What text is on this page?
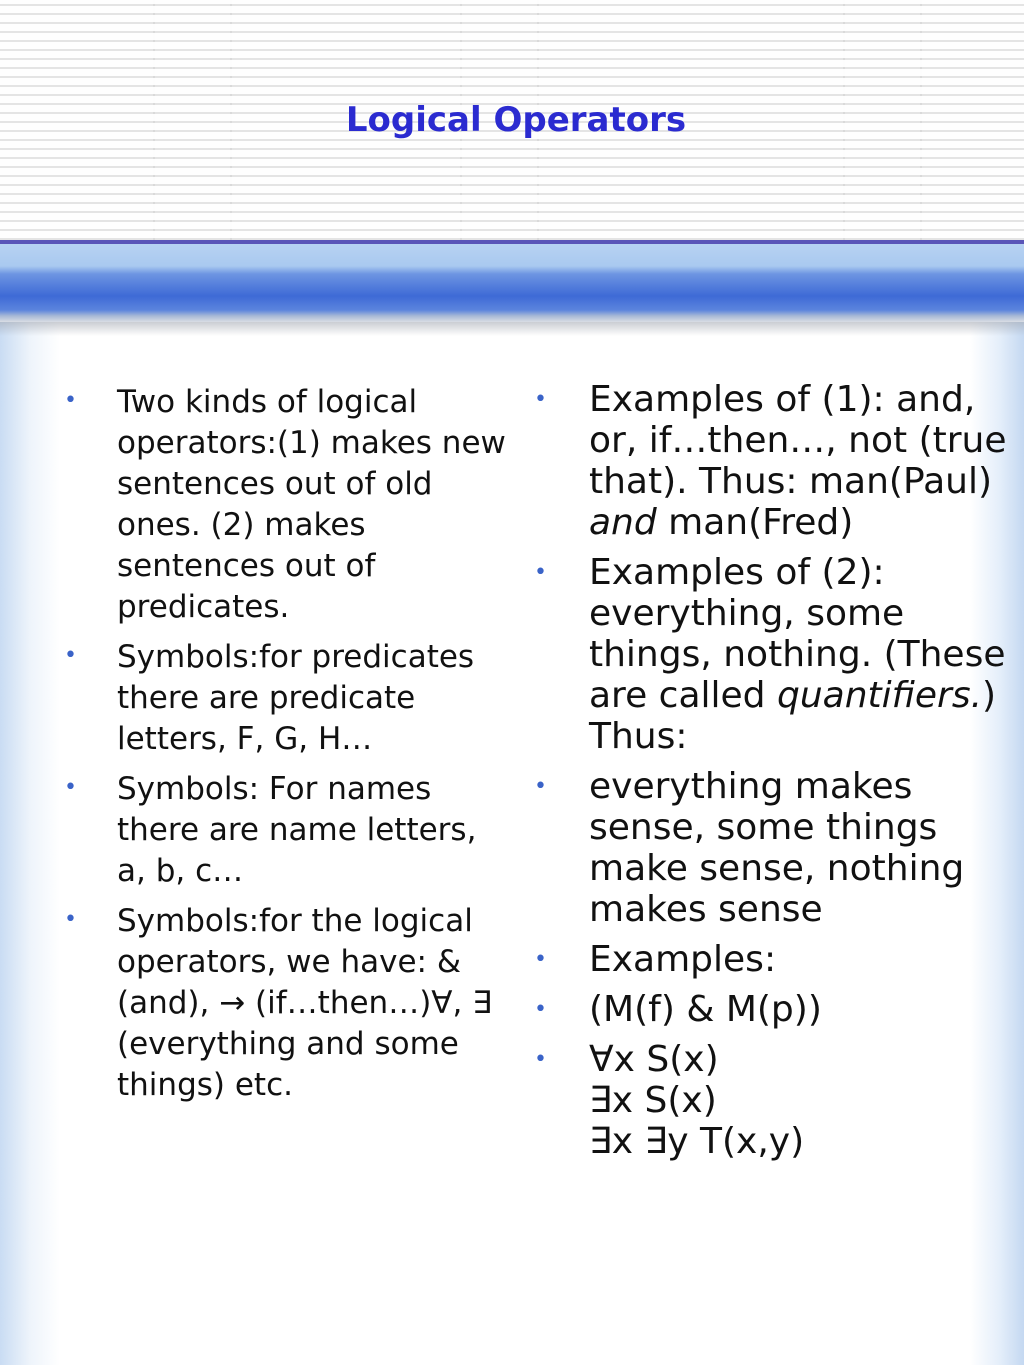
Logical Operators
• Two kinds of logical operators:(1) makes new sentences out of old ones. (2) makes sentences out of predicates.
• Symbols:for predicates there are predicate letters, F, G, H…
• Symbols: For names there are name letters, a, b, c…
• Symbols:for the logical operators, we have: & (and), → (if…then…)∀, ∃ (everything and some things) etc.
• Examples of (1): and, or, if…then…, not (true that). Thus: man(Paul) and man(Fred)
• Examples of (2): everything, some things, nothing. (These are called quantifiers.) Thus:
• everything makes sense, some things make sense, nothing makes sense
• Examples:
• (M(f) & M(p))
• ∀x S(x)
∃x S(x)
∃x ∃y T(x,y)
